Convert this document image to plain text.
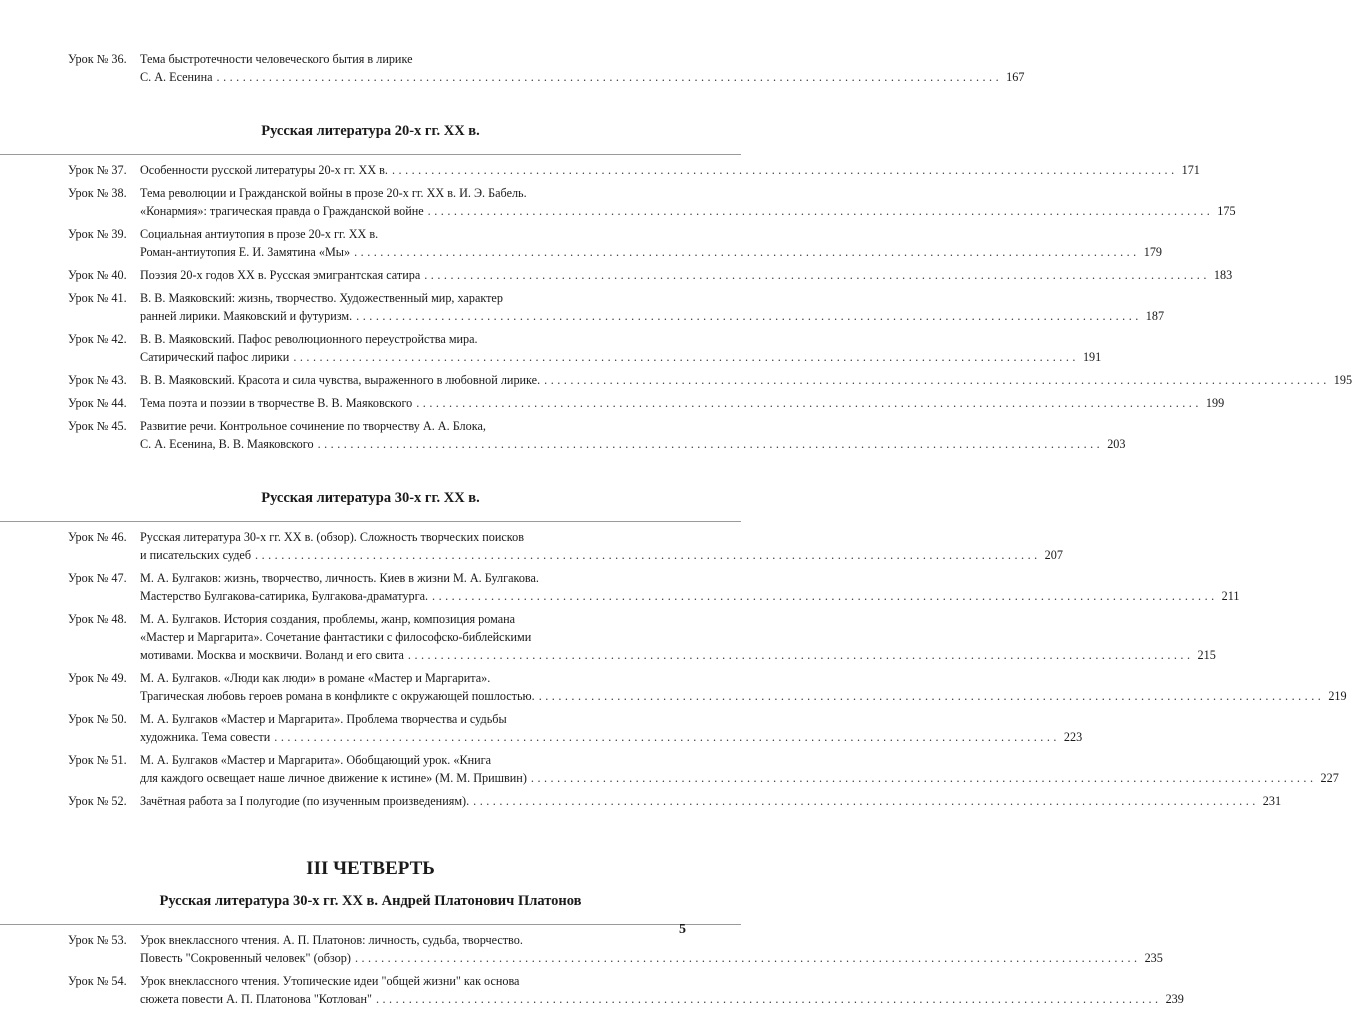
Урок № 36. Тема быстротечности человеческого бытия в лирике
С. А. Есенина ........................................................................................................................ 167
Русская литература 20-х гг. XX в.
Урок № 37. Особенности русской литературы 20-х гг. XX в. ........................................................................................................................ 171
Урок № 38. Тема революции и Гражданской войны в прозе 20-х гг. XX в. И. Э. Бабель.
«Конармия»: трагическая правда о Гражданской войне ........................................................................................................................ 175
Урок № 39. Социальная антиутопия в прозе 20-х гг. XX в.
Роман-антиутопия Е. И. Замятина «Мы» ........................................................................................................................ 179
Урок № 40. Поэзия 20-х годов XX в. Русская эмигрантская сатира ........................................................................................................................ 183
Урок № 41. В. В. Маяковский: жизнь, творчество. Художественный мир, характер
ранней лирики. Маяковский и футуризм. ........................................................................................................................ 187
Урок № 42. В. В. Маяковский. Пафос революционного переустройства мира.
Сатирический пафос лирики ........................................................................................................................ 191
Урок № 43. В. В. Маяковский. Красота и сила чувства, выраженного в любовной лирике. ........................................................................................................................ 195
Урок № 44. Тема поэта и поэзии в творчестве В. В. Маяковского ........................................................................................................................ 199
Урок № 45. Развитие речи. Контрольное сочинение по творчеству А. А. Блока,
С. А. Есенина, В. В. Маяковского ........................................................................................................................ 203
Русская литература 30-х гг. XX в.
Урок № 46. Русская литература 30-х гг. XX в. (обзор). Сложность творческих поисков
и писательских судеб ........................................................................................................................ 207
Урок № 47. М. А. Булгаков: жизнь, творчество, личность. Киев в жизни М. А. Булгакова.
Мастерство Булгакова-сатирика, Булгакова-драматурга. ........................................................................................................................ 211
Урок № 48. М. А. Булгаков. История создания, проблемы, жанр, композиция романа
«Мастер и Маргарита». Сочетание фантастики с философско-библейскими
мотивами. Москва и москвичи. Воланд и его свита ........................................................................................................................ 215
Урок № 49. М. А. Булгаков. «Люди как люди» в романе «Мастер и Маргарита».
Трагическая любовь героев романа в конфликте с окружающей пошлостью. ........................................................................................................................ 219
Урок № 50. М. А. Булгаков «Мастер и Маргарита». Проблема творчества и судьбы
художника. Тема совести ........................................................................................................................ 223
Урок № 51. М. А. Булгаков «Мастер и Маргарита». Обобщающий урок. «Книга
для каждого освещает наше личное движение к истине» (М. М. Пришвин) ........................................................................................................................ 227
Урок № 52. Зачётная работа за I полугодие (по изученным произведениям). ........................................................................................................................ 231
III ЧЕТВЕРТЬ
Русская литература 30-х гг. XX в. Андрей Платонович Платонов
Урок № 53. Урок внеклассного чтения. А. П. Платонов: личность, судьба, творчество.
Повесть "Сокровенный человек" (обзор) ........................................................................................................................ 235
Урок № 54. Урок внеклассного чтения. Утопические идеи "общей жизни" как основа
сюжета повести А. П. Платонова "Котлован" ........................................................................................................................ 239
5
